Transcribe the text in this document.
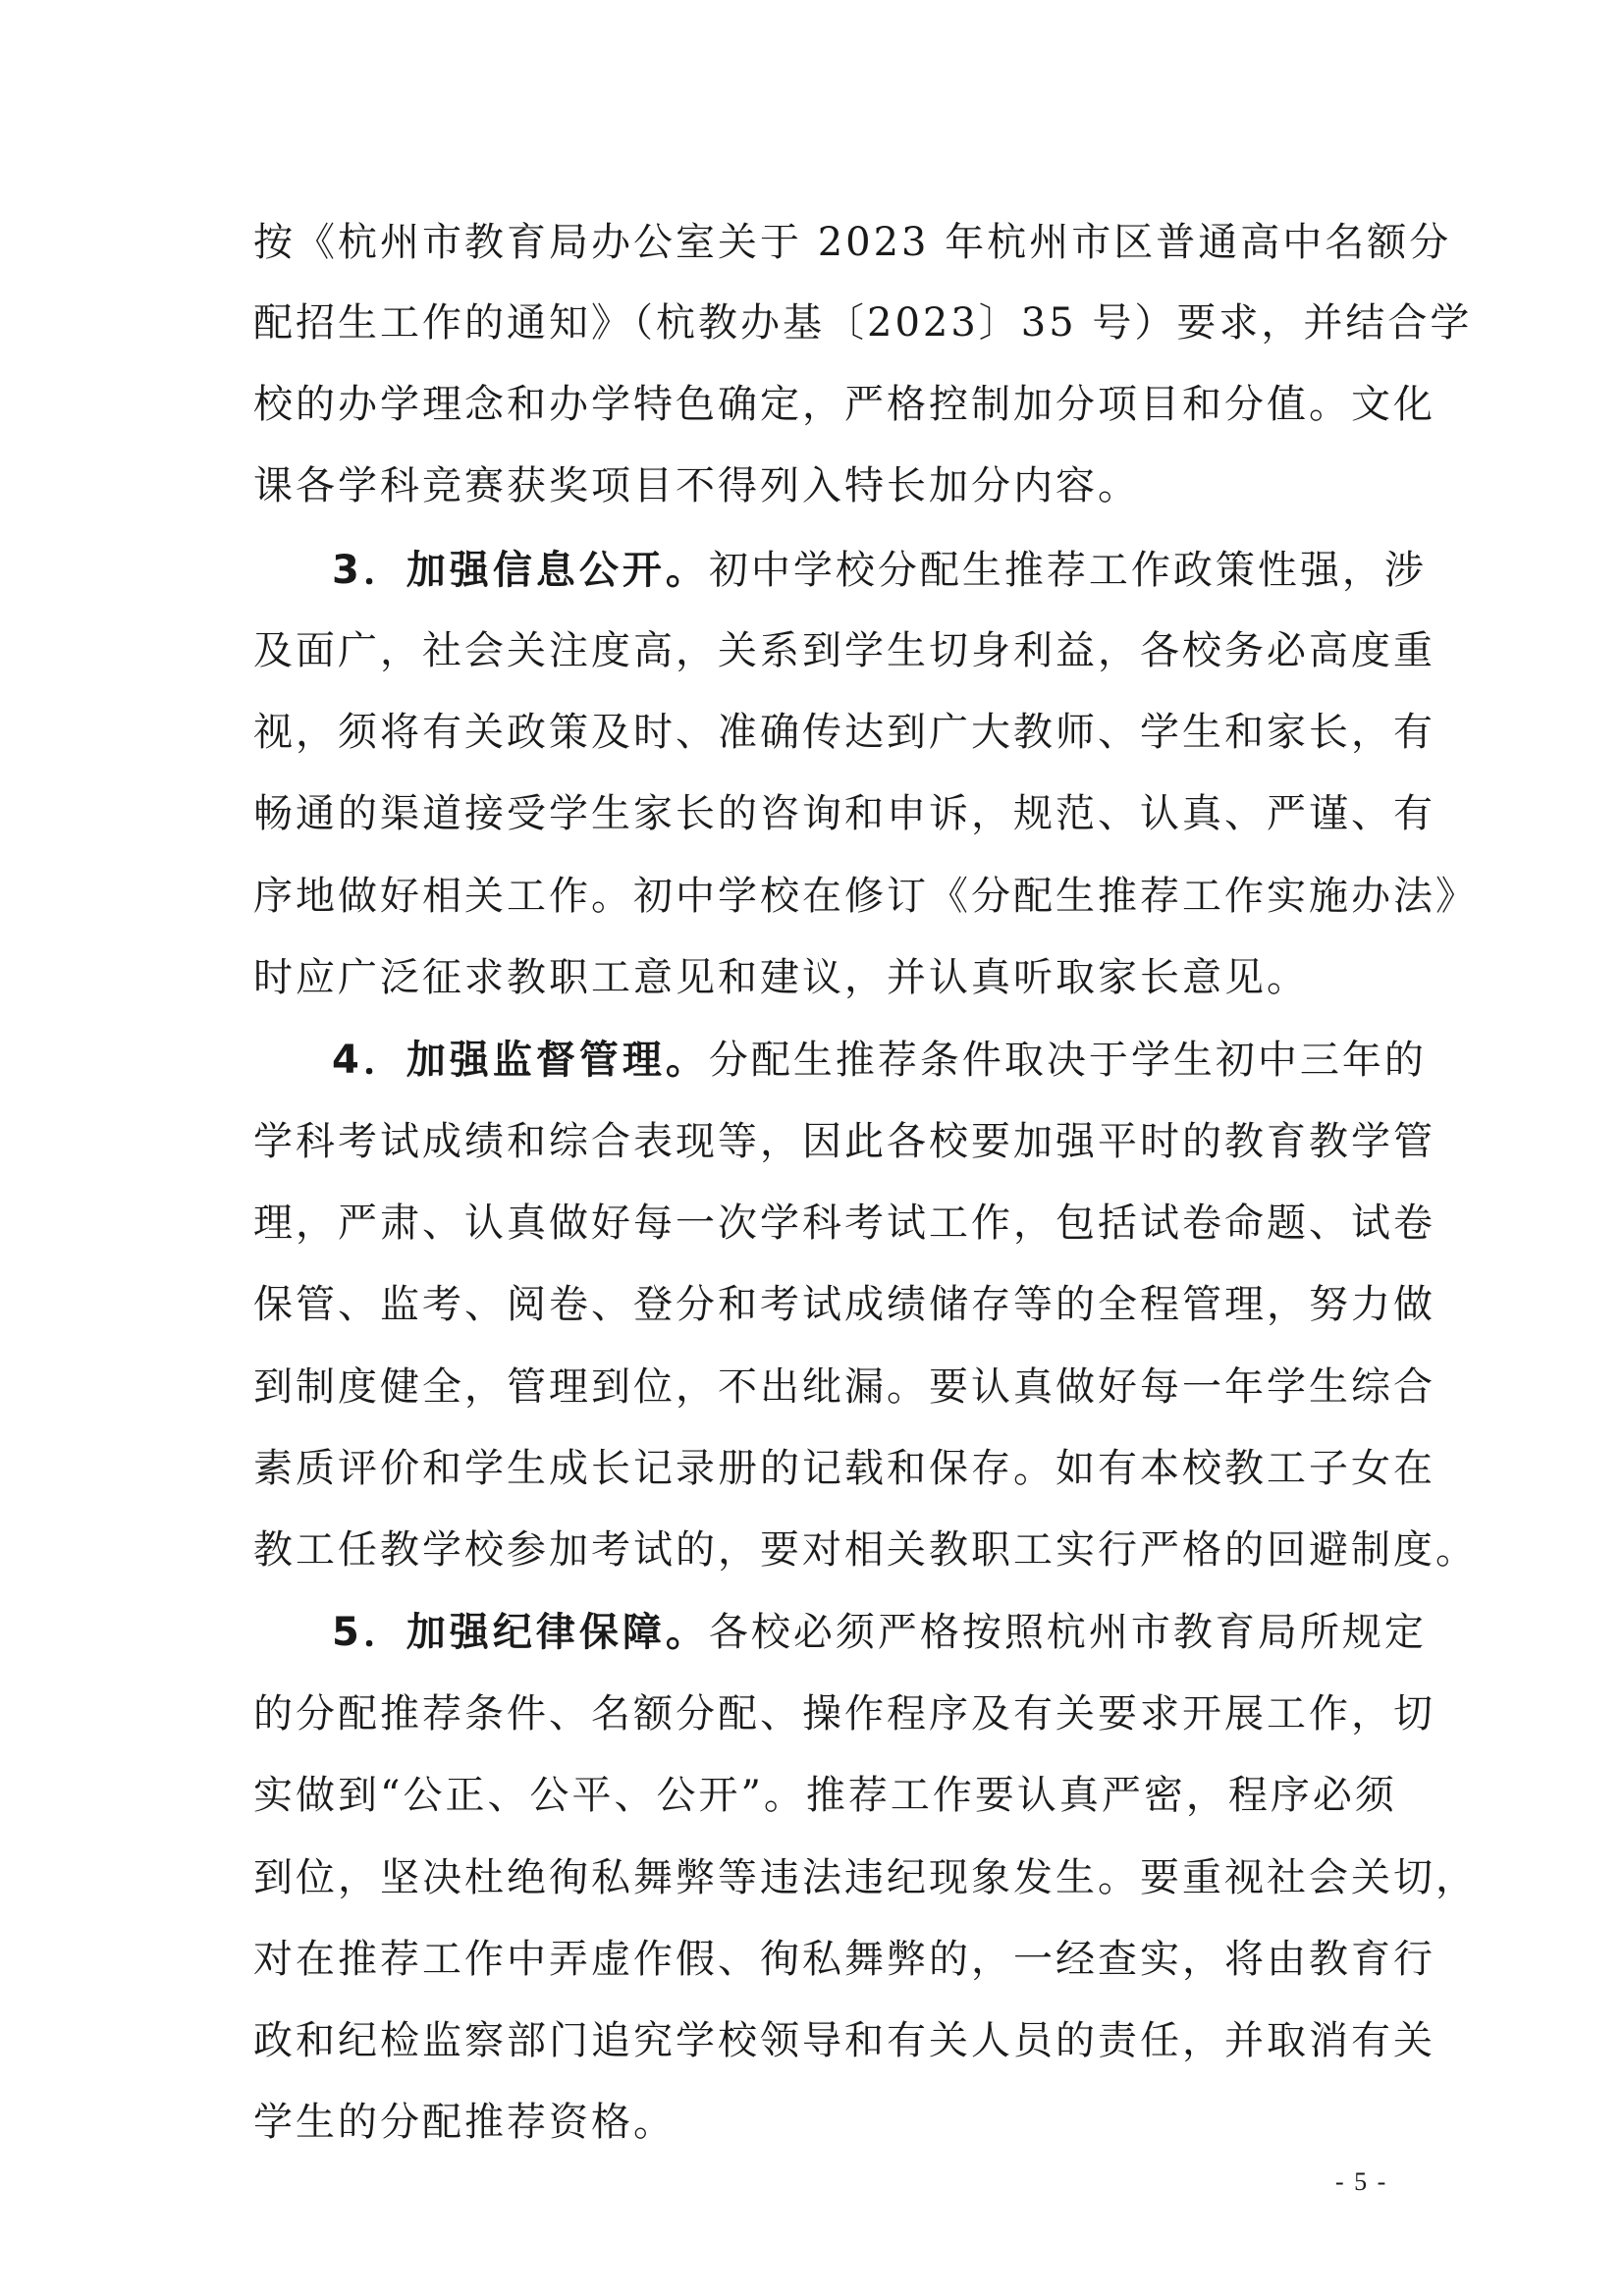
按《杭州市教育局办公室关于 2023 年杭州市区普通高中名额分
配招生工作的通知》（杭教办基〔2023〕35 号）要求，并结合学
校的办学理念和办学特色确定，严格控制加分项目和分值。文化
课各学科竞赛获奖项目不得列入特长加分内容。
3．加强信息公开。初中学校分配生推荐工作政策性强，涉
及面广，社会关注度高，关系到学生切身利益，各校务必高度重
视，须将有关政策及时、准确传达到广大教师、学生和家长，有
畅通的渠道接受学生家长的咨询和申诉，规范、认真、严谨、有
序地做好相关工作。初中学校在修订《分配生推荐工作实施办法》
时应广泛征求教职工意见和建议，并认真听取家长意见。
4．加强监督管理。分配生推荐条件取决于学生初中三年的
学科考试成绩和综合表现等，因此各校要加强平时的教育教学管
理，严肃、认真做好每一次学科考试工作，包括试卷命题、试卷
保管、监考、阅卷、登分和考试成绩储存等的全程管理，努力做
到制度健全，管理到位，不出纰漏。要认真做好每一年学生综合
素质评价和学生成长记录册的记载和保存。如有本校教工子女在
教工任教学校参加考试的，要对相关教职工实行严格的回避制度。
5．加强纪律保障。各校必须严格按照杭州市教育局所规定
的分配推荐条件、名额分配、操作程序及有关要求开展工作，切
实做到“公正、公平、公开”。推荐工作要认真严密，程序必须
到位，坚决杜绝徇私舞弊等违法违纪现象发生。要重视社会关切，
对在推荐工作中弄虚作假、徇私舞弊的，一经查实，将由教育行
政和纪检监察部门追究学校领导和有关人员的责任，并取消有关
学生的分配推荐资格。
- 5 -
